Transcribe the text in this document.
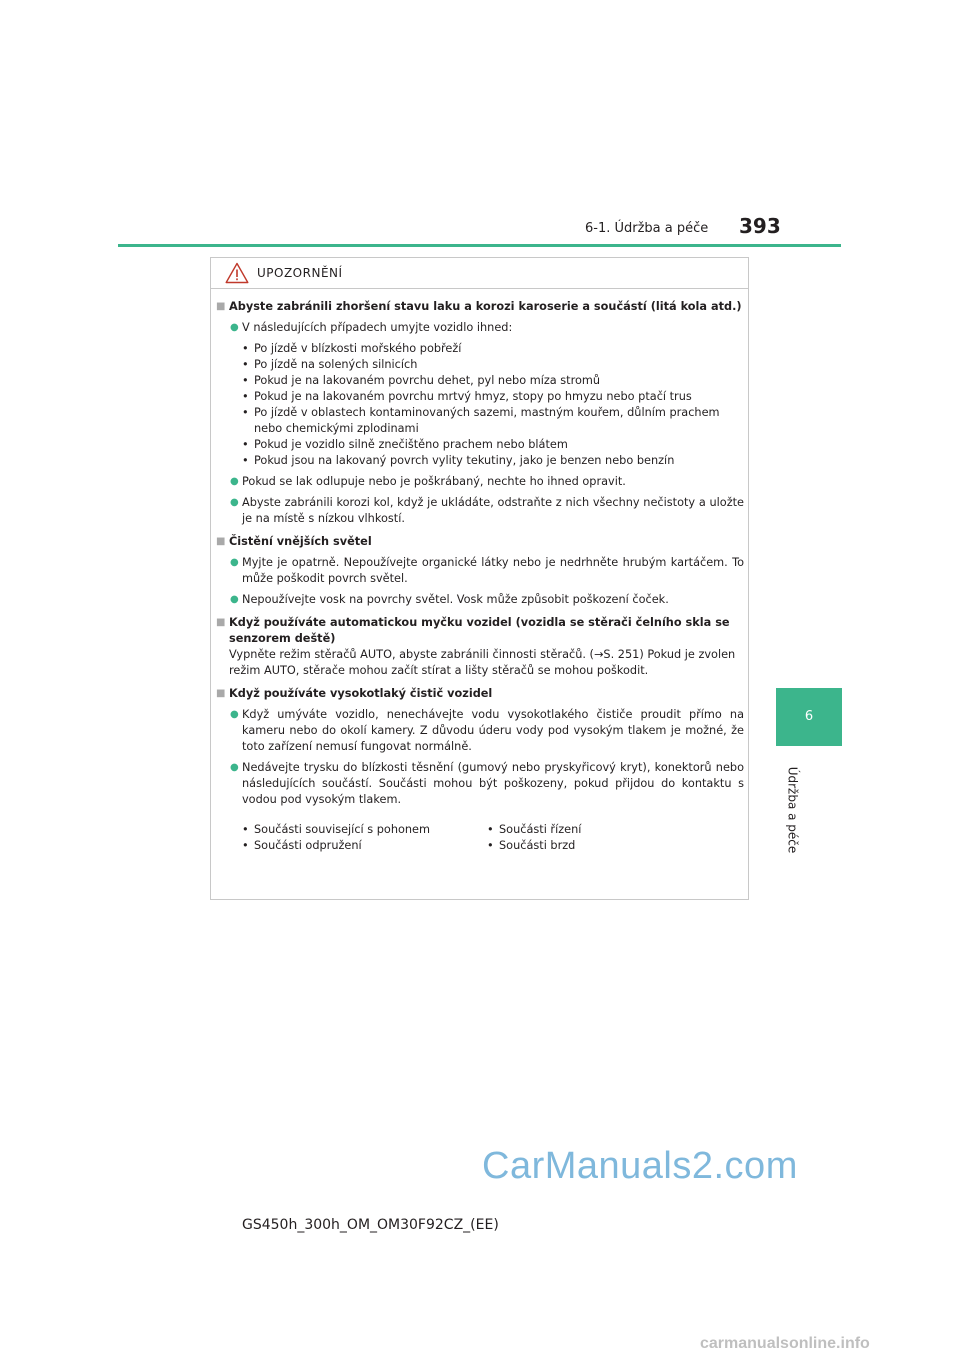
6-1. Údržba a péče 393
6
Údržba a péče
UPOZORNĚNÍ
■ Abyste zabránili zhoršení stavu laku a korozi karoserie a součástí (litá kola atd.)
● V následujících případech umyjte vozidlo ihned:
• Po jízdě v blízkosti mořského pobřeží
• Po jízdě na solených silnicích
• Pokud je na lakovaném povrchu dehet, pyl nebo míza stromů
• Pokud je na lakovaném povrchu mrtvý hmyz, stopy po hmyzu nebo ptačí trus
• Po jízdě v oblastech kontaminovaných sazemi, mastným kouřem, důlním prachem nebo chemickými zplodinami
• Pokud je vozidlo silně znečištěno prachem nebo blátem
• Pokud jsou na lakovaný povrch vylity tekutiny, jako je benzen nebo benzín
● Pokud se lak odlupuje nebo je poškrábaný, nechte ho ihned opravit.
● Abyste zabránili korozi kol, když je ukládáte, odstraňte z nich všechny nečistoty a uložte je na místě s nízkou vlhkostí.
■ Čistění vnějších světel
● Myjte je opatrně. Nepoužívejte organické látky nebo je nedrhněte hrubým kartáčem. To může poškodit povrch světel.
● Nepoužívejte vosk na povrchy světel. Vosk může způsobit poškození čoček.
■ Když používáte automatickou myčku vozidel (vozidla se stěrači čelního skla se senzorem deště)
Vypněte režim stěračů AUTO, abyste zabránili činnosti stěračů. (→S. 251) Pokud je zvolen režim AUTO, stěrače mohou začít stírat a lišty stěračů se mohou poškodit.
■ Když používáte vysokotlaký čistič vozidel
● Když umýváte vozidlo, nenechávejte vodu vysokotlakého čističe proudit přímo na kameru nebo do okolí kamery. Z důvodu úderu vody pod vysokým tlakem je možné, že toto zařízení nemusí fungovat normálně.
● Nedávejte trysku do blízkosti těsnění (gumový nebo pryskyřicový kryt), konektorů nebo následujících součástí. Součásti mohou být poškozeny, pokud přijdou do kontaktu s vodou pod vysokým tlakem.
• Součásti související s pohonem
• Součásti odpružení
• Součásti řízení
• Součásti brzd
CarManuals2.com
GS450h_300h_OM_OM30F92CZ_(EE)
carmanualsonline.info
